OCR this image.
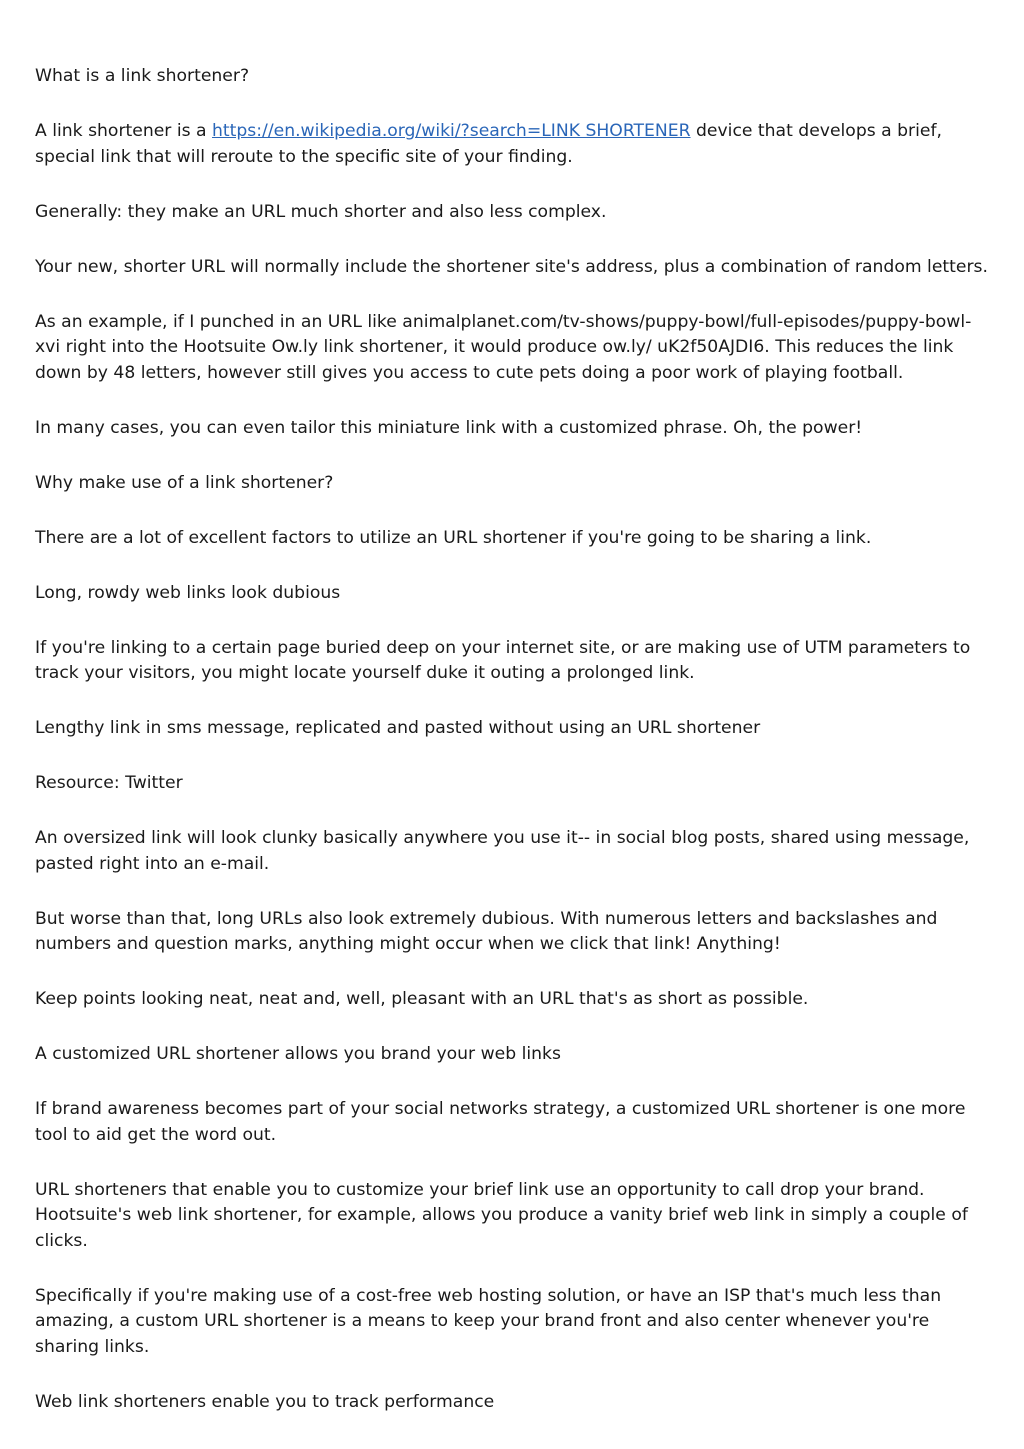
What is a link shortener?

A link shortener is a https://en.wikipedia.org/wiki/?search=LINK SHORTENER device that develops a brief, special link that will reroute to the specific site of your finding.

Generally: they make an URL much shorter and also less complex.

Your new, shorter URL will normally include the shortener site's address, plus a combination of random letters.

As an example, if I punched in an URL like animalplanet.com/tv-shows/puppy-bowl/full-episodes/puppy-bowl-xvi right into the Hootsuite Ow.ly link shortener, it would produce ow.ly/ uK2f50AJDI6. This reduces the link down by 48 letters, however still gives you access to cute pets doing a poor work of playing football.

In many cases, you can even tailor this miniature link with a customized phrase. Oh, the power!

Why make use of a link shortener?

There are a lot of excellent factors to utilize an URL shortener if you're going to be sharing a link.

Long, rowdy web links look dubious

If you're linking to a certain page buried deep on your internet site, or are making use of UTM parameters to track your visitors, you might locate yourself duke it outing a prolonged link.

Lengthy link in sms message, replicated and pasted without using an URL shortener

Resource: Twitter

An oversized link will look clunky basically anywhere you use it-- in social blog posts, shared using message, pasted right into an e-mail.

But worse than that, long URLs also look extremely dubious. With numerous letters and backslashes and numbers and question marks, anything might occur when we click that link! Anything!

Keep points looking neat, neat and, well, pleasant with an URL that's as short as possible.

A customized URL shortener allows you brand your web links

If brand awareness becomes part of your social networks strategy, a customized URL shortener is one more tool to aid get the word out.

URL shorteners that enable you to customize your brief link use an opportunity to call drop your brand. Hootsuite's web link shortener, for example, allows you produce a vanity brief web link in simply a couple of clicks.

Specifically if you're making use of a cost-free web hosting solution, or have an ISP that's much less than amazing, a custom URL shortener is a means to keep your brand front and also center whenever you're sharing links.

Web link shorteners enable you to track performance
